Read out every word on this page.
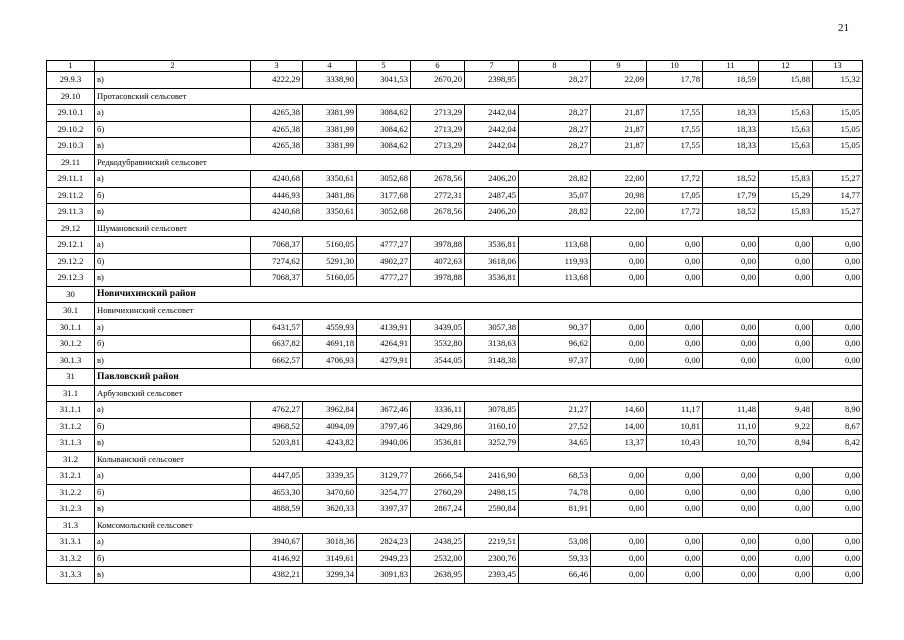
21
1	2	3	4	5	6	7	8	9	10	11	12	13
29.9.3	в)	4222,29	3338,90	3041,53	2670,20	2398,95	28,27	22,09	17,78	18,59	15,88	15,32
29.10	Протасовский сельсовет											
29.10.1	а)	4265,38	3381,99	3084,62	2713,29	2442,04	28,27	21,87	17,55	18,33	15,63	15,05
29.10.2	б)	4265,38	3381,99	3084,62	2713,29	2442,04	28,27	21,87	17,55	18,33	15,63	15,05
29.10.3	в)	4265,38	3381,99	3084,62	2713,29	2442,04	28,27	21,87	17,55	18,33	15,63	15,05
29.11	Редкодубравинский сельсовет											
29.11.1	а)	4240,68	3350,61	3052,68	2678,56	2406,20	28,82	22,00	17,72	18,52	15,83	15,27
29.11.2	б)	4446,93	3481,86	3177,68	2772,31	2487,45	35,07	20,98	17,05	17,79	15,29	14,77
29.11.3	в)	4240,68	3350,61	3052,68	2678,56	2406,20	28,82	22,00	17,72	18,52	15,83	15,27
29.12	Шумановский сельсовет											
29.12.1	а)	7068,37	5160,05	4777,27	3978,88	3536,81	113,68	0,00	0,00	0,00	0,00	0,00
29.12.2	б)	7274,62	5291,30	4902,27	4072,63	3618,06	119,93	0,00	0,00	0,00	0,00	0,00
29.12.3	в)	7068,37	5160,05	4777,27	3978,88	3536,81	113,68	0,00	0,00	0,00	0,00	0,00
30	Новичихинский район											
30.1	Новичихинский сельсовет											
30.1.1	а)	6431,57	4559,93	4139,91	3439,05	3057,38	90,37	0,00	0,00	0,00	0,00	0,00
30.1.2	б)	6637,82	4691,18	4264,91	3532,80	3138,63	96,62	0,00	0,00	0,00	0,00	0,00
30.1.3	в)	6662,57	4706,93	4279,91	3544,05	3148,38	97,37	0,00	0,00	0,00	0,00	0,00
31	Павловский район											
31.1	Арбузовский сельсовет											
31.1.1	а)	4762,27	3962,84	3672,46	3336,11	3078,85	21,27	14,60	11,17	11,48	9,48	8,90
31.1.2	б)	4968,52	4094,09	3797,46	3429,86	3160,10	27,52	14,00	10,81	11,10	9,22	8,67
31.1.3	в)	5203,81	4243,82	3940,06	3536,81	3252,79	34,65	13,37	10,43	10,70	8,94	8,42
31.2	Колыванский сельсовет											
31.2.1	а)	4447,05	3339,35	3129,77	2666,54	2416,90	68,53	0,00	0,00	0,00	0,00	0,00
31.2.2	б)	4653,30	3470,60	3254,77	2760,29	2498,15	74,78	0,00	0,00	0,00	0,00	0,00
31.2.3	в)	4888,59	3620,33	3397,37	2867,24	2590,84	81,91	0,00	0,00	0,00	0,00	0,00
31.3	Комсомольский сельсовет											
31.3.1	а)	3940,67	3018,36	2824,23	2438,25	2219,51	53,08	0,00	0,00	0,00	0,00	0,00
31.3.2	б)	4146,92	3149,61	2949,23	2532,00	2300,76	59,33	0,00	0,00	0,00	0,00	0,00
31.3.3	в)	4382,21	3299,34	3091,83	2638,95	2393,45	66,46	0,00	0,00	0,00	0,00	0,00
